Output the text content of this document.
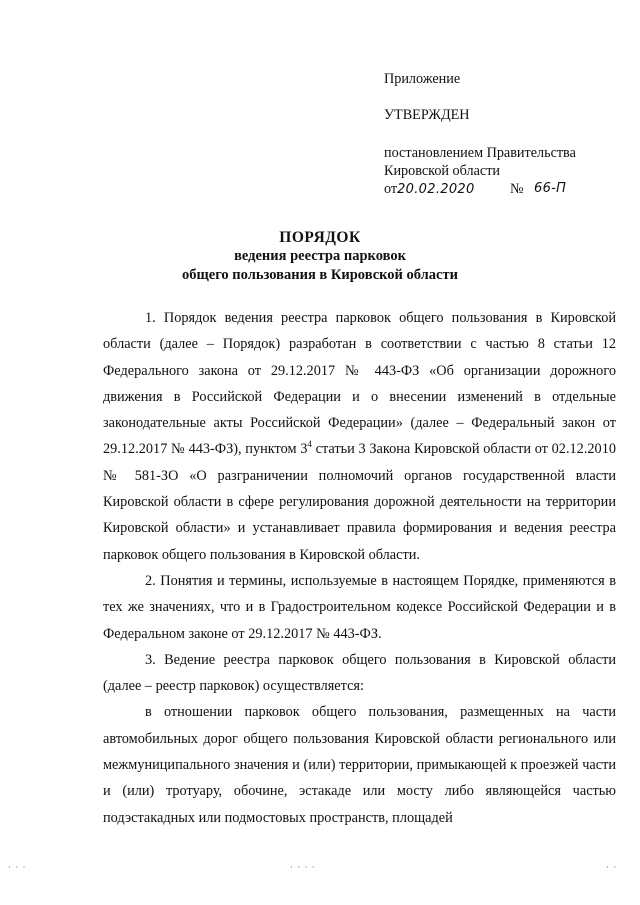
Приложение
УТВЕРЖДЕН
постановлением Правительства
Кировской области
от20.02.2020 № 66-П
ПОРЯДОК
ведения реестра парковок
общего пользования в Кировской области

1. Порядок ведения реестра парковок общего пользования в Кировской области (далее – Порядок) разработан в соответствии с частью 8 статьи 12 Федерального закона от 29.12.2017 № 443-ФЗ «Об организации дорожного движения в Российской Федерации и о внесении изменений в отдельные законодательные акты Российской Федерации» (далее – Федеральный закон от 29.12.2017 № 443-ФЗ), пунктом $3^4$ статьи 3 Закона Кировской области от 02.12.2010 № 581-ЗО «О разграничении полномочий органов государственной власти Кировской области в сфере регулирования дорожной деятельности на территории Кировской области» и устанавливает правила формирования и ведения реестра парковок общего пользования в Кировской области.

2. Понятия и термины, используемые в настоящем Порядке, применяются в тех же значениях, что и в Градостроительном кодексе Российской Федерации и в Федеральном законе от 29.12.2017 № 443-ФЗ.

3. Ведение реестра парковок общего пользования в Кировской области (далее – реестр парковок) осуществляется:

в отношении парковок общего пользования, размещенных на части автомобильных дорог общего пользования Кировской области регионального или межмуниципального значения и (или) территории, примыкающей к проезжей части и (или) тротуару, обочине, эстакаде или мосту либо являющейся частью подэстакадных или подмостовых пространств, площадей

· · ·	· · · ·	· ·
